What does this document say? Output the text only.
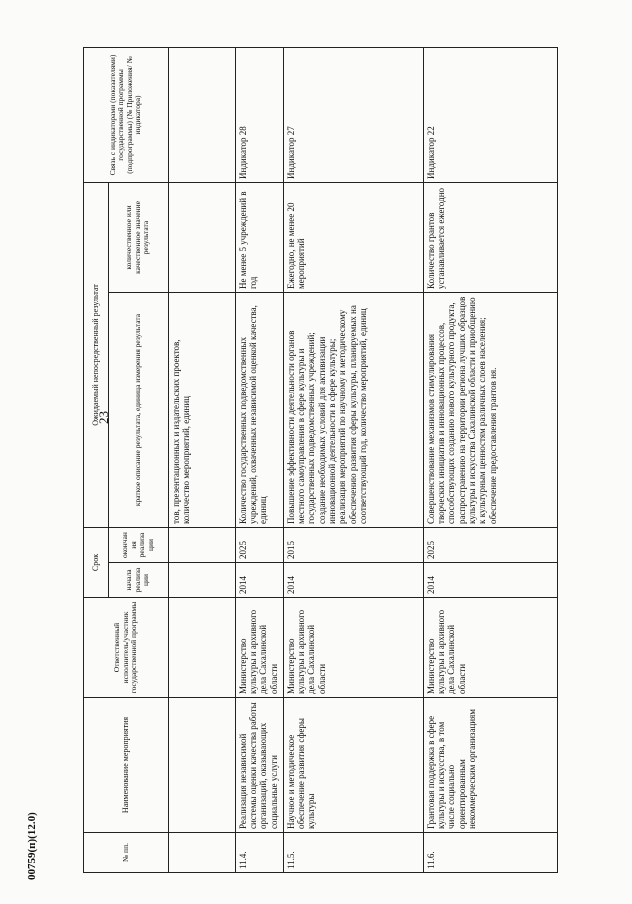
23
№ пп.	Наименование мероприятия	Ответственный исполнитель/участник государственной программы	Срок		Ожидаемый непосредственный результат		Связь с индикаторами (показателями) государственной программы (подпрограммы) (№ Приложения/ № индикатора)
			начала реализации	окончания реализации	краткое описание результата, единица измерения результата	количественное или качественное значение результата	
					тов, презентационных и издательских проектов, количество мероприятий, единиц		
11.4.	Реализация независимой системы оценки качества работы организаций, оказывающих социальные услуги	Министерство культуры и архивного дела Сахалинской области	2014	2025	Количество государственных подведомственных учреждений, охваченных независимой оценкой качества, единиц	Не менее 5 учреждений в год	Индикатор 28
11.5.	Научное и методическое обеспечение развития сферы культуры	Министерство культуры и архивного дела Сахалинской области	2014	2015	Повышение эффективности деятельности органов местного самоуправления в сфере культуры и государственных подведомственных учреждений; создание необходимых условий для активизации инновационной деятельности в сфере культуры; реализация мероприятий по научному и методическому обеспечению развития сферы культуры, планируемых на соответствующий год, количество мероприятий, единиц	Ежегодно, не менее 20 мероприятий	Индикатор 27
11.6.	Грантовая поддержка в сфере культуры и искусства, в том числе социально ориентированным некоммерческим организациям	Министерство культуры и архивного дела Сахалинской области	2014	2025	Совершенствование механизмов стимулирования творческих инициатив и инновационных процессов, способствующих созданию нового культурного продукта, распространению на территории региона лучших образцов культуры и искусства Сахалинской области и приобщению к культурным ценностям различных слоев населения; обеспечение предоставления грантов ня.	Количество грантов устанавливается ежегодно	Индикатор 22
00759(п)(12.0)
